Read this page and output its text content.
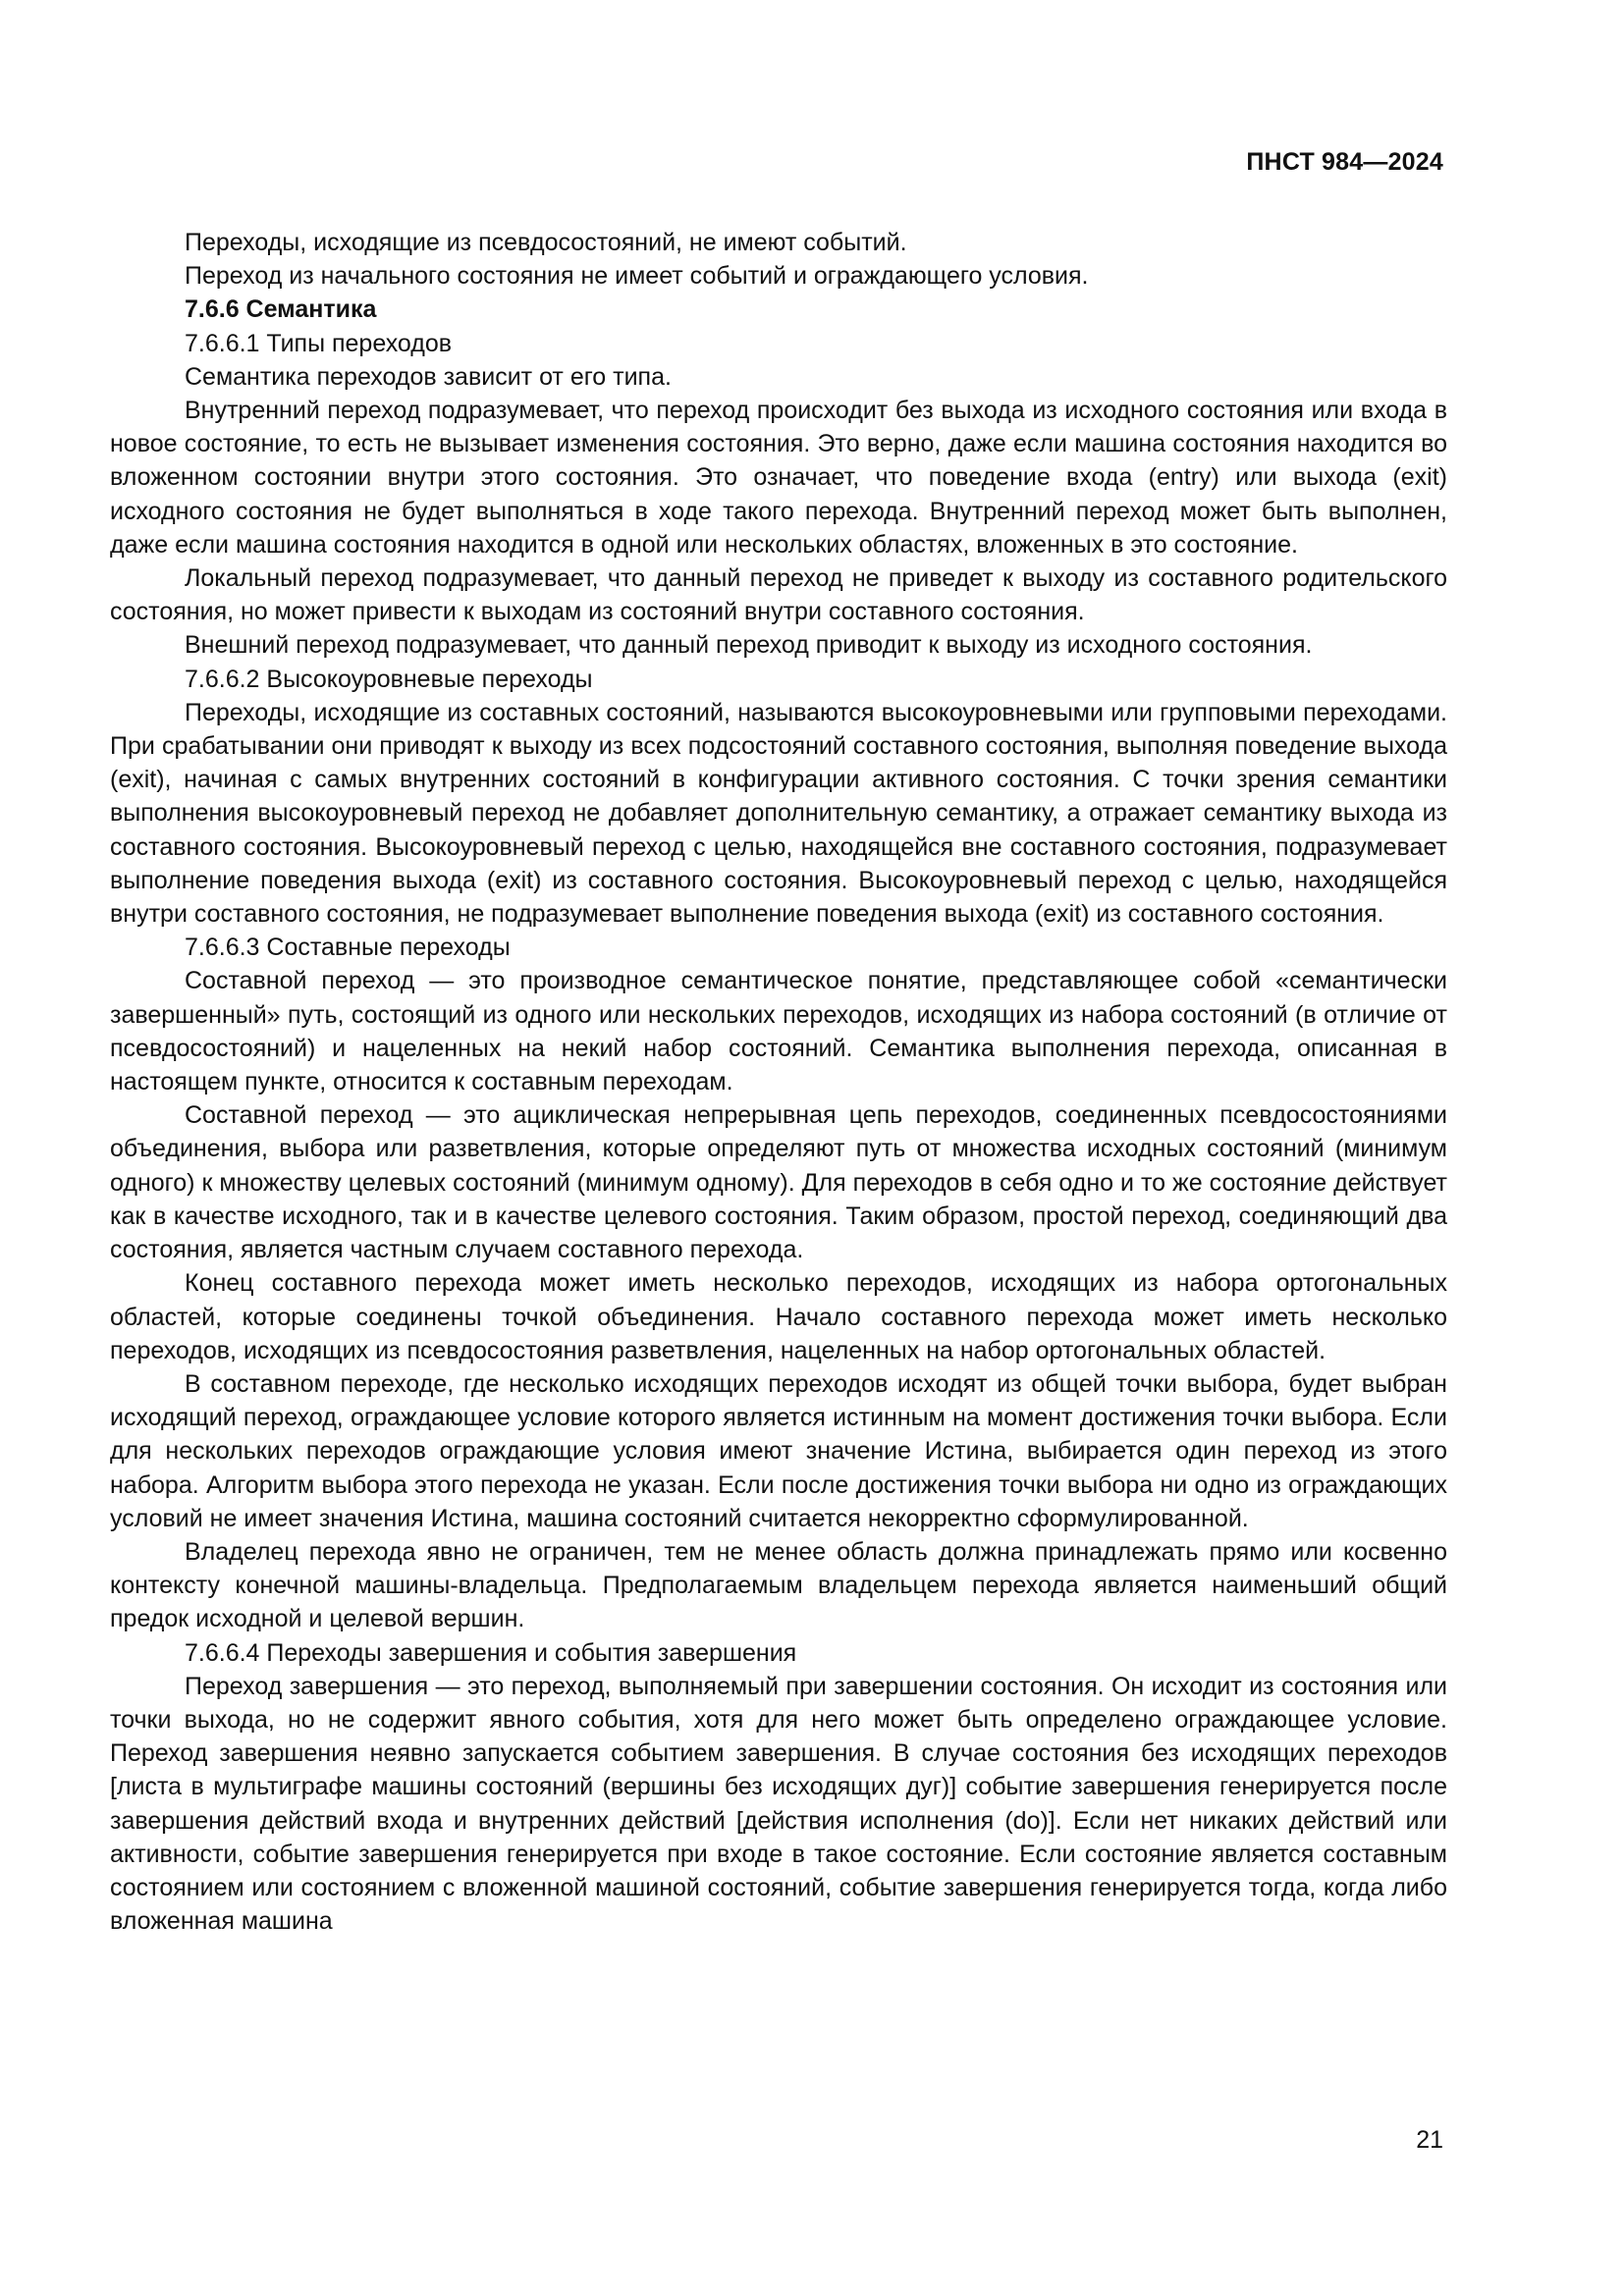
ПНСТ 984—2024

Переходы, исходящие из псевдосостояний, не имеют событий.

Переход из начального состояния не имеет событий и ограждающего условия.

7.6.6 Семантика

7.6.6.1 Типы переходов

Семантика переходов зависит от его типа.

Внутренний переход подразумевает, что переход происходит без выхода из исходного состояния или входа в новое состояние, то есть не вызывает изменения состояния. Это верно, даже если машина состояния находится во вложенном состоянии внутри этого состояния. Это означает, что поведение входа (entry) или выхода (exit) исходного состояния не будет выполняться в ходе такого перехода. Внутренний переход может быть выполнен, даже если машина состояния находится в одной или нескольких областях, вложенных в это состояние.

Локальный переход подразумевает, что данный переход не приведет к выходу из составного родительского состояния, но может привести к выходам из состояний внутри составного состояния.

Внешний переход подразумевает, что данный переход приводит к выходу из исходного состояния.

7.6.6.2 Высокоуровневые переходы

Переходы, исходящие из составных состояний, называются высокоуровневыми или групповыми переходами. При срабатывании они приводят к выходу из всех подсостояний составного состояния, выполняя поведение выхода (exit), начиная с самых внутренних состояний в конфигурации активного состояния. С точки зрения семантики выполнения высокоуровневый переход не добавляет дополнительную семантику, а отражает семантику выхода из составного состояния. Высокоуровневый переход с целью, находящейся вне составного состояния, подразумевает выполнение поведения выхода (exit) из составного состояния. Высокоуровневый переход с целью, находящейся внутри составного состояния, не подразумевает выполнение поведения выхода (exit) из составного состояния.

7.6.6.3 Составные переходы

Составной переход — это производное семантическое понятие, представляющее собой «семантически завершенный» путь, состоящий из одного или нескольких переходов, исходящих из набора состояний (в отличие от псевдосостояний) и нацеленных на некий набор состояний. Семантика выполнения перехода, описанная в настоящем пункте, относится к составным переходам.

Составной переход — это ациклическая непрерывная цепь переходов, соединенных псевдосостояниями объединения, выбора или разветвления, которые определяют путь от множества исходных состояний (минимум одного) к множеству целевых состояний (минимум одному). Для переходов в себя одно и то же состояние действует как в качестве исходного, так и в качестве целевого состояния. Таким образом, простой переход, соединяющий два состояния, является частным случаем составного перехода.

Конец составного перехода может иметь несколько переходов, исходящих из набора ортогональных областей, которые соединены точкой объединения. Начало составного перехода может иметь несколько переходов, исходящих из псевдосостояния разветвления, нацеленных на набор ортогональных областей.

В составном переходе, где несколько исходящих переходов исходят из общей точки выбора, будет выбран исходящий переход, ограждающее условие которого является истинным на момент достижения точки выбора. Если для нескольких переходов ограждающие условия имеют значение Истина, выбирается один переход из этого набора. Алгоритм выбора этого перехода не указан. Если после достижения точки выбора ни одно из ограждающих условий не имеет значения Истина, машина состояний считается некорректно сформулированной.

Владелец перехода явно не ограничен, тем не менее область должна принадлежать прямо или косвенно контексту конечной машины-владельца. Предполагаемым владельцем перехода является наименьший общий предок исходной и целевой вершин.

7.6.6.4 Переходы завершения и события завершения

Переход завершения — это переход, выполняемый при завершении состояния. Он исходит из состояния или точки выхода, но не содержит явного события, хотя для него может быть определено ограждающее условие. Переход завершения неявно запускается событием завершения. В случае состояния без исходящих переходов [листа в мультиграфе машины состояний (вершины без исходящих дуг)] событие завершения генерируется после завершения действий входа и внутренних действий [действия исполнения (do)]. Если нет никаких действий или активности, событие завершения генерируется при входе в такое состояние. Если состояние является составным состоянием или состоянием с вложенной машиной состояний, событие завершения генерируется тогда, когда либо вложенная машина

21
